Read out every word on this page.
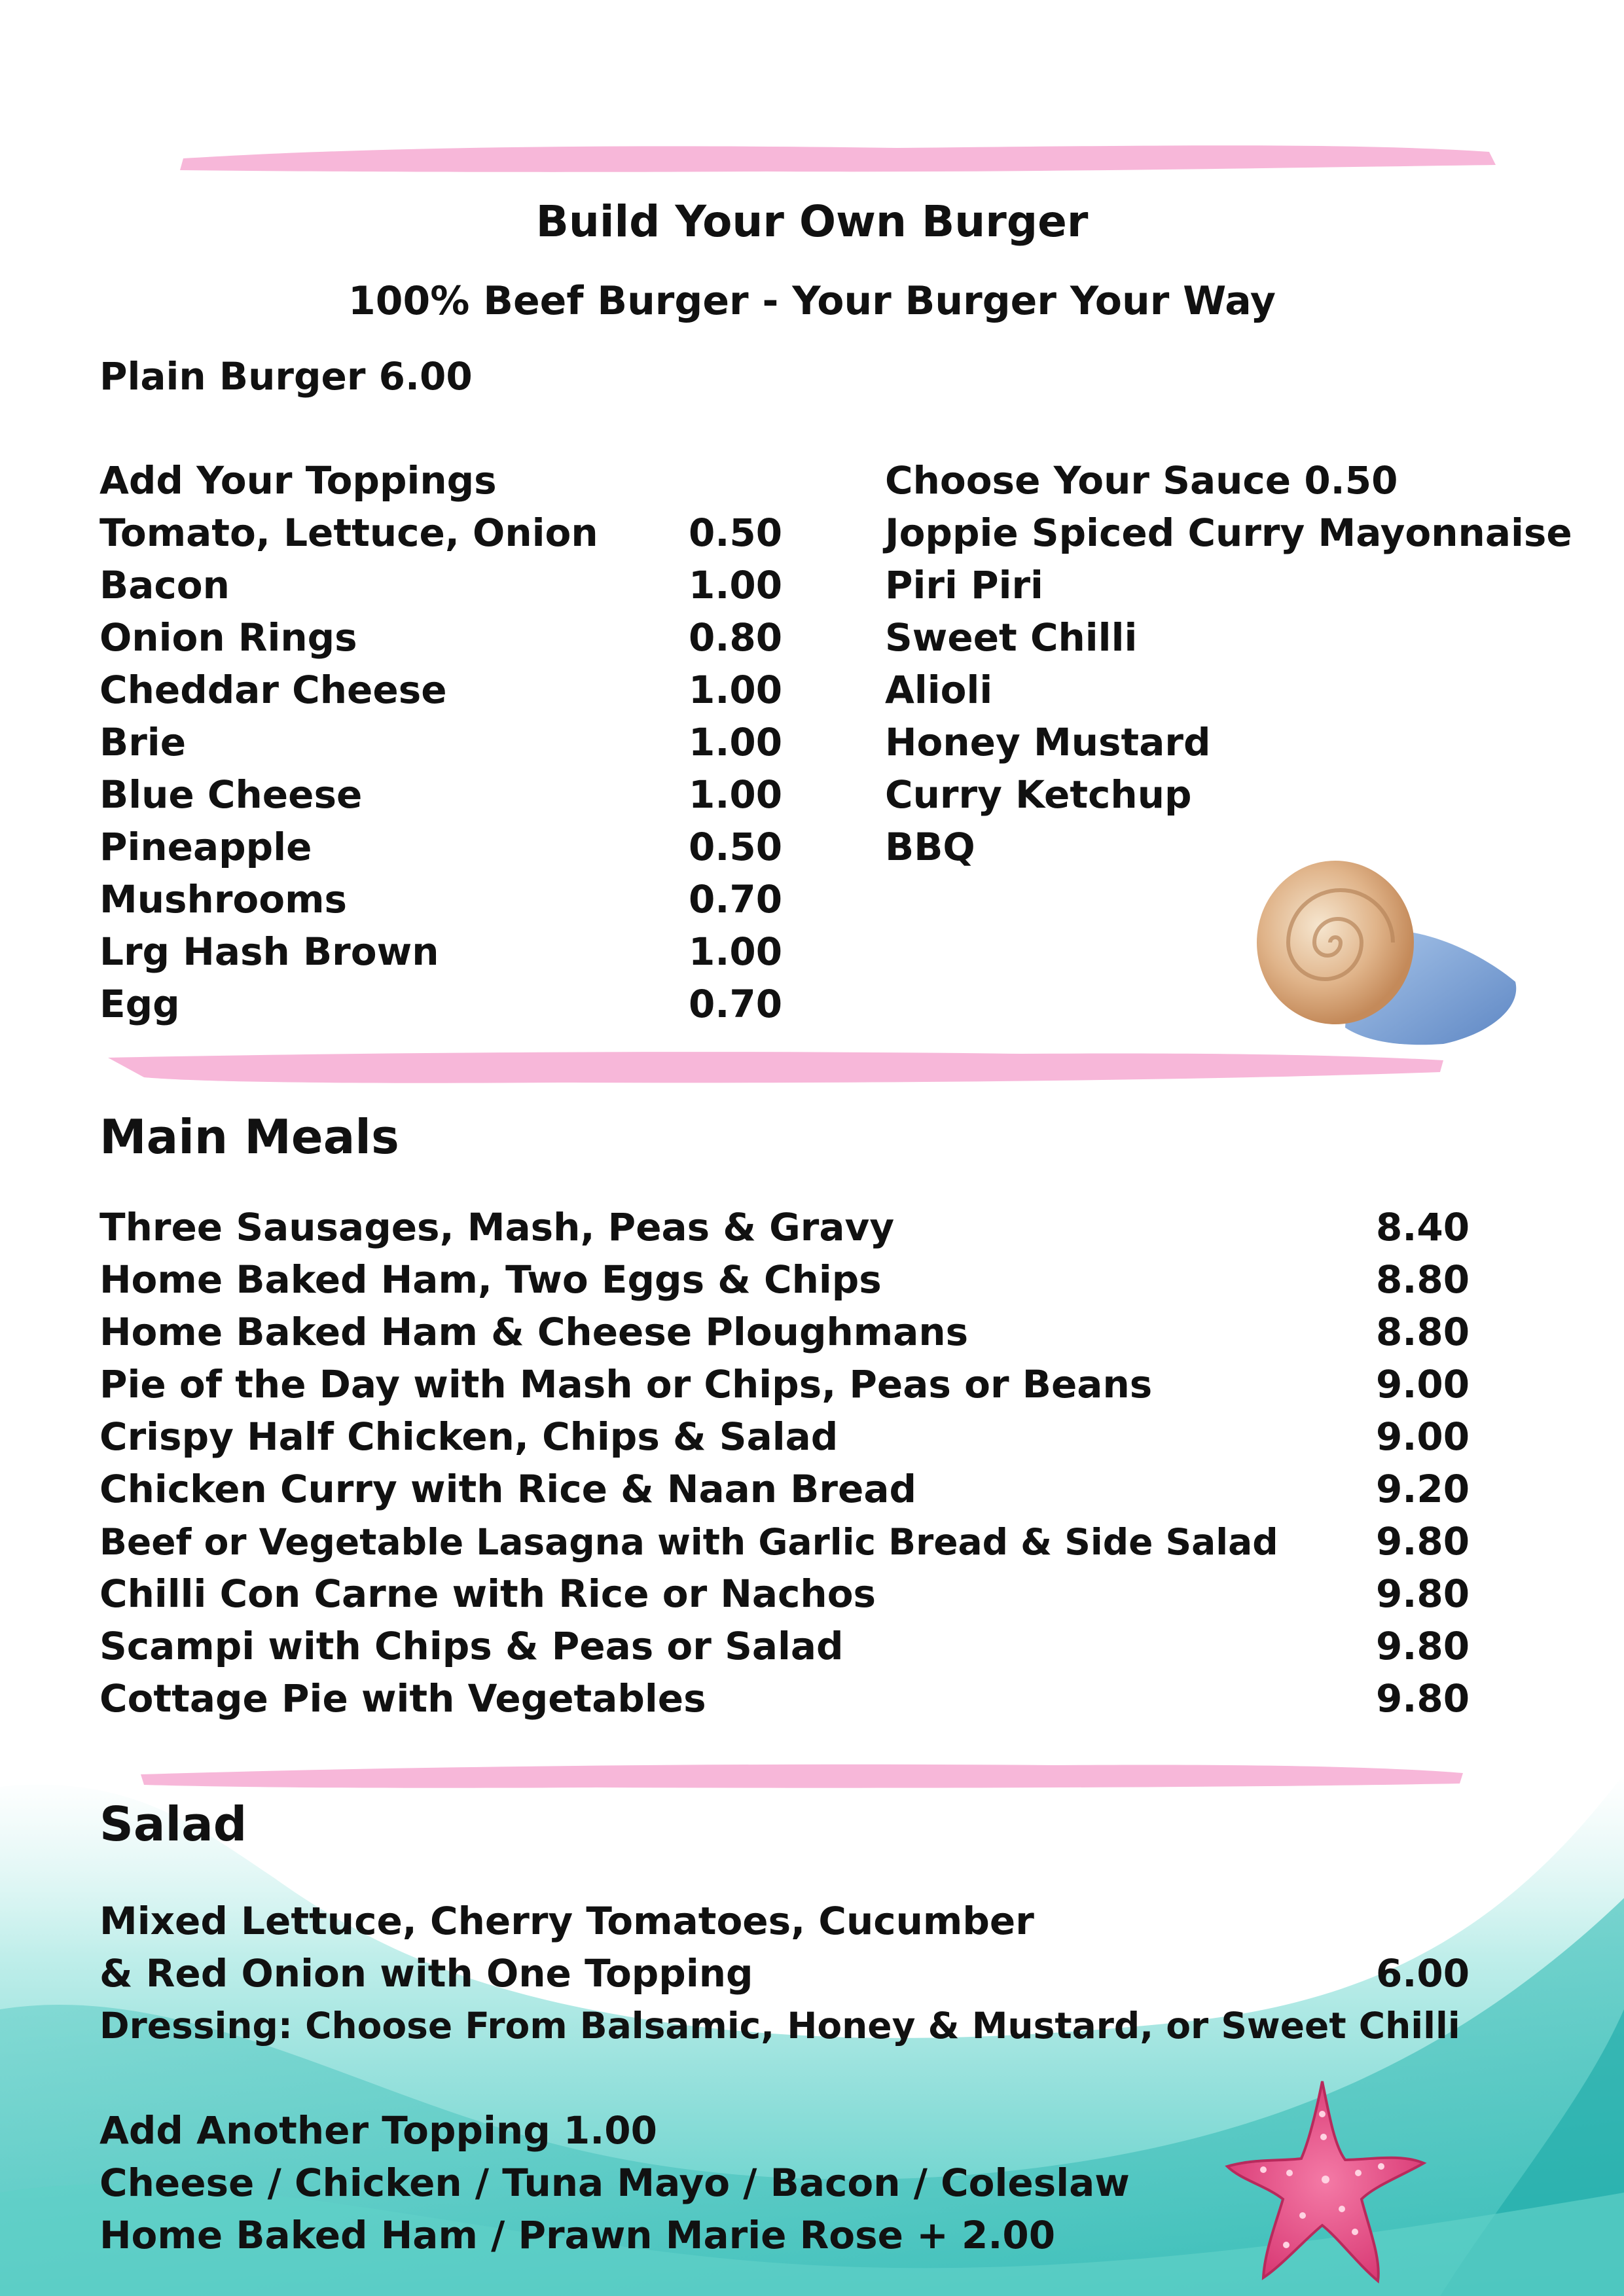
Build Your Own Burger
100% Beef Burger - Your Burger Your Way
Plain Burger 6.00
Add Your Toppings
Tomato, Lettuce, Onion 0.50
Bacon	1.00
Onion Rings	0.80
Cheddar Cheese	1.00
Brie	1.00
Blue Cheese	1.00
Pineapple	0.50
Mushrooms	0.70
Lrg Hash Brown	1.00
Egg	0.70
Choose Your Sauce 0.50
Joppie Spiced Curry Mayonnaise
Piri Piri
Sweet Chilli
Alioli
Honey Mustard
Curry Ketchup
BBQ
Main Meals
Three Sausages, Mash, Peas & Gravy	8.40
Home Baked Ham, Two Eggs & Chips	8.80
Home Baked Ham & Cheese Ploughmans	8.80
Pie of the Day with Mash or Chips, Peas or Beans	9.00
Crispy Half Chicken, Chips & Salad	9.00
Chicken Curry with Rice & Naan Bread	9.20
Beef or Vegetable Lasagna with Garlic Bread & Side Salad	9.80
Chilli Con Carne with Rice or Nachos	9.80
Scampi with Chips & Peas or Salad	9.80
Cottage Pie with Vegetables	9.80
Salad
Mixed Lettuce, Cherry Tomatoes, Cucumber
& Red Onion with One Topping	6.00
Dressing: Choose From Balsamic, Honey & Mustard, or Sweet Chilli
Add Another Topping 1.00
Cheese / Chicken / Tuna Mayo / Bacon / Coleslaw
Home Baked Ham / Prawn Marie Rose + 2.00
